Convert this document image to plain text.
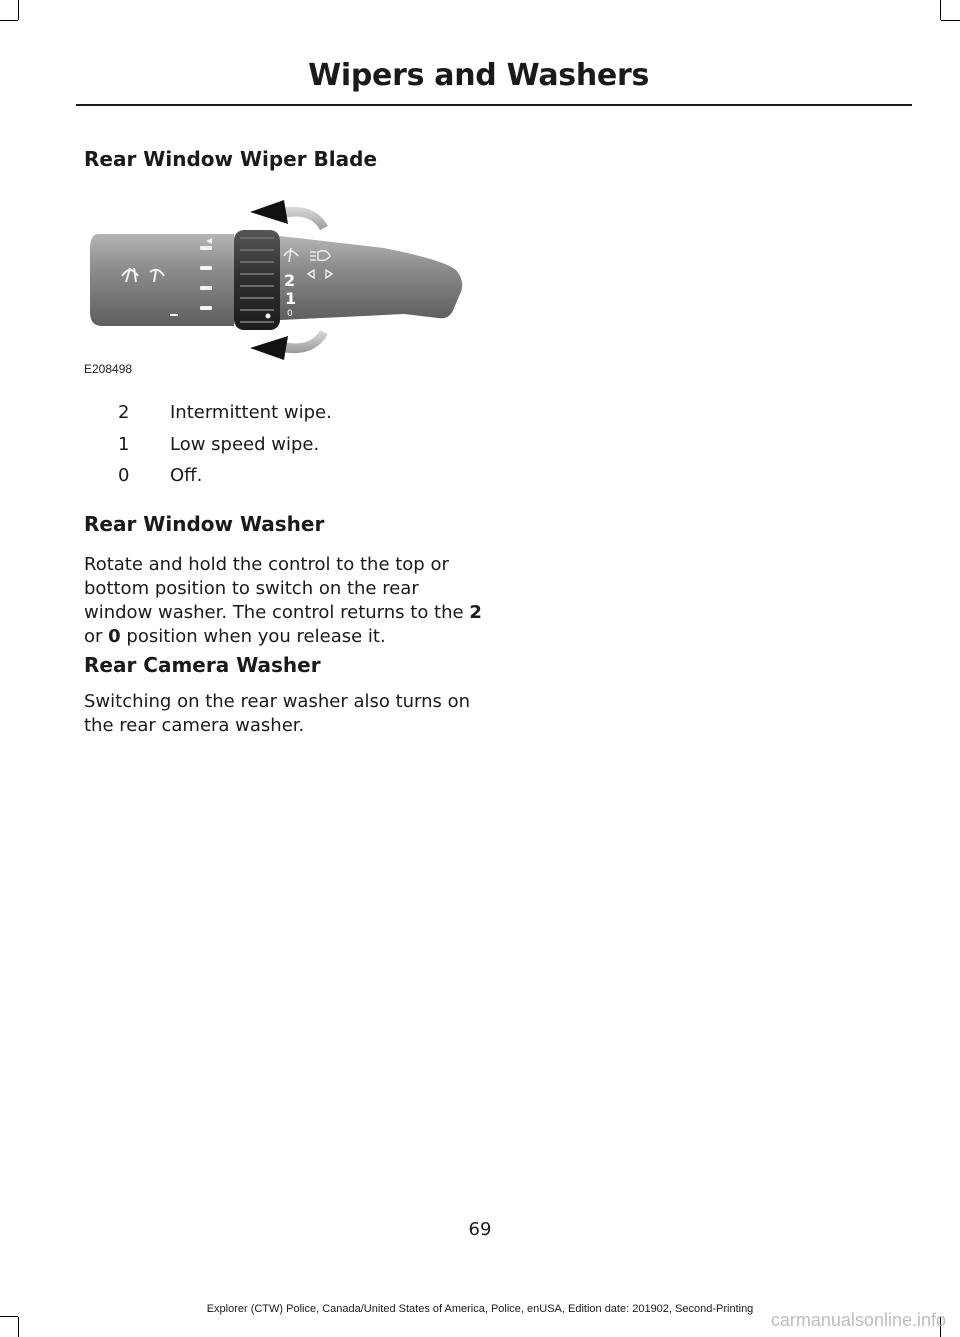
Wipers and Washers
Rear Window Wiper Blade
2
1
0
E208498
2 Intermittent wipe.
1 Low speed wipe.
0 Off.
Rear Window Washer

Rotate and hold the control to the top or bottom position to switch on the rear window washer. The control returns to the 2 or 0 position when you release it.

Rear Camera Washer

Switching on the rear washer also turns on the rear camera washer.

69
Explorer (CTW) Police, Canada/United States of America, Police, enUSA, Edition date: 201902, Second-Printing
carmanualsonline.info
